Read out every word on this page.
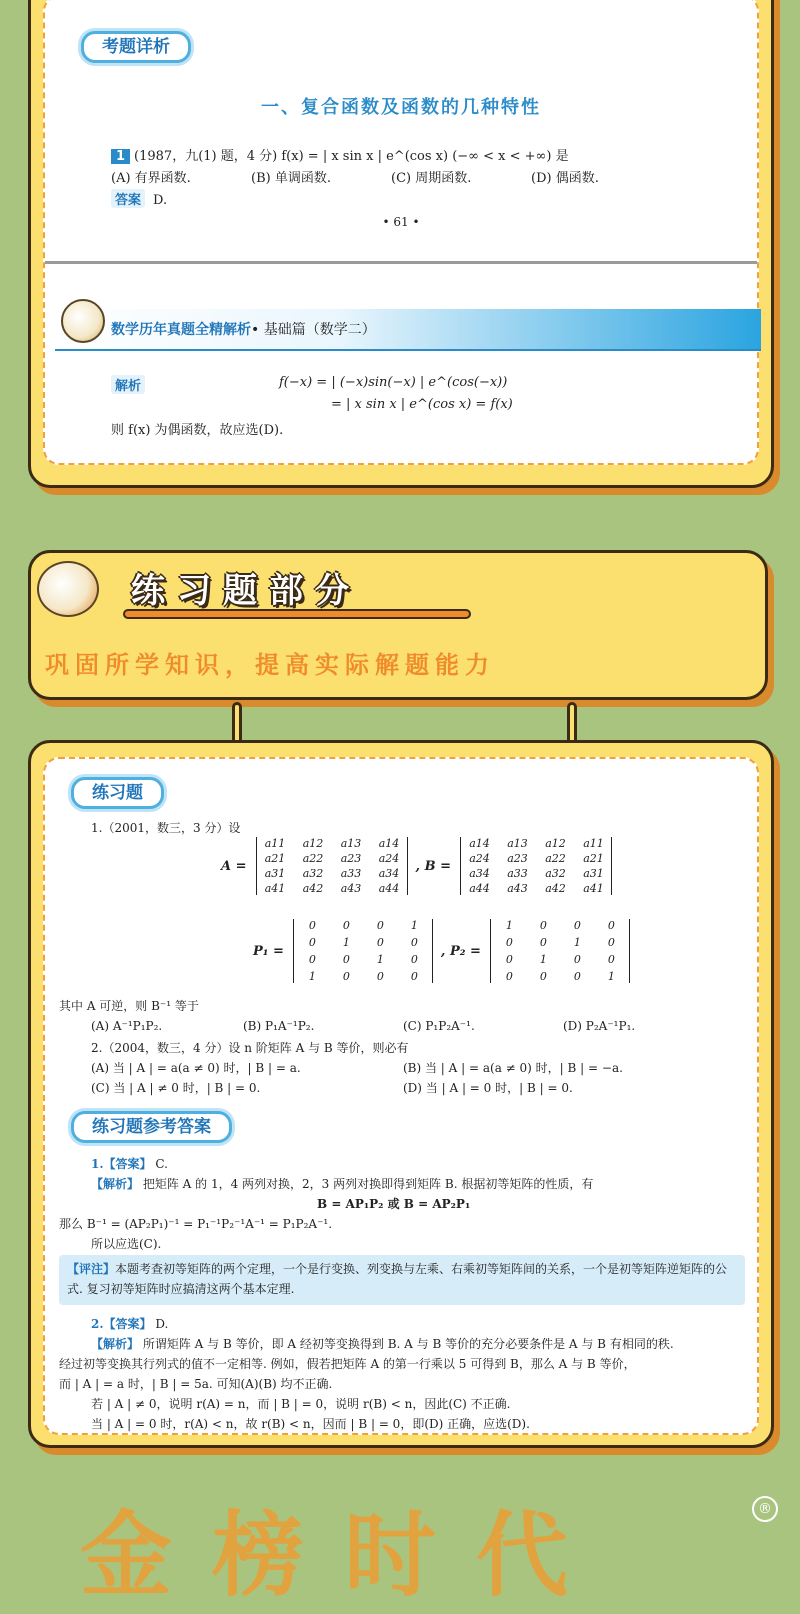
考题详析
一、复合函数及函数的几种特性
1 (1987，九(1) 题，4 分) f(x) = | x sin x | e^(cos x) (−∞ < x < +∞) 是
(A) 有界函数.	(B) 单调函数.	(C) 周期函数.	(D) 偶函数.
答案 D.
• 61 •
数学历年真题全精解析• 基础篇（数学二）
解析	f(−x) = | (−x)sin(−x) | e^(cos(−x))
= | x sin x | e^(cos x) = f(x)
则 f(x) 为偶函数，故应选(D).
练习题部分
巩固所学知识，提高实际解题能力
练习题
1.（2001，数三，3 分）设
A =
a11 a12 a13 a14
a21 a22 a23 a24
a31 a32 a33 a34
a41 a42 a43 a44
, B =
a14 a13 a12 a11
a24 a23 a22 a21
a34 a33 a32 a31
a44 a43 a42 a41
P₁ =
0	0	0	1
0	1	0	0
0	0	1	0
1	0	0	0
, P₂ =
1	0	0	0
0	0	1	0
0	1	0	0
0	0	0	1
其中 A 可逆，则 B⁻¹ 等于
(A) A⁻¹P₁P₂.	(B) P₁A⁻¹P₂.	(C) P₁P₂A⁻¹.	(D) P₂A⁻¹P₁.
2.（2004，数三，4 分）设 n 阶矩阵 A 与 B 等价，则必有
(A) 当 | A | = a(a ≠ 0) 时，| B | = a.	(B) 当 | A | = a(a ≠ 0) 时，| B | = −a.
(C) 当 | A | ≠ 0 时，| B | = 0.	(D) 当 | A | = 0 时，| B | = 0.
练习题参考答案
1.【答案】 C.
【解析】 把矩阵 A 的 1，4 两列对换，2，3 两列对换即得到矩阵 B. 根据初等矩阵的性质，有
B = AP₁P₂ 或 B = AP₂P₁
那么 B⁻¹ = (AP₂P₁)⁻¹ = P₁⁻¹P₂⁻¹A⁻¹ = P₁P₂A⁻¹.
所以应选(C).
【评注】本题考查初等矩阵的两个定理，一个是行变换、列变换与左乘、右乘初等矩阵间的关系，一个是初等矩阵逆矩阵的公式. 复习初等矩阵时应搞清这两个基本定理.
2.【答案】 D.
【解析】 所谓矩阵 A 与 B 等价，即 A 经初等变换得到 B. A 与 B 等价的充分必要条件是 A 与 B 有相同的秩.
经过初等变换其行列式的值不一定相等. 例如，假若把矩阵 A 的第一行乘以 5 可得到 B，那么 A 与 B 等价，
而 | A | = a 时，| B | = 5a. 可知(A)(B) 均不正确.
若 | A | ≠ 0，说明 r(A) = n，而 | B | = 0，说明 r(B) < n，因此(C) 不正确.
当 | A | = 0 时，r(A) < n，故 r(B) < n，因而 | B | = 0，即(D) 正确，应选(D).
金榜时代	®
